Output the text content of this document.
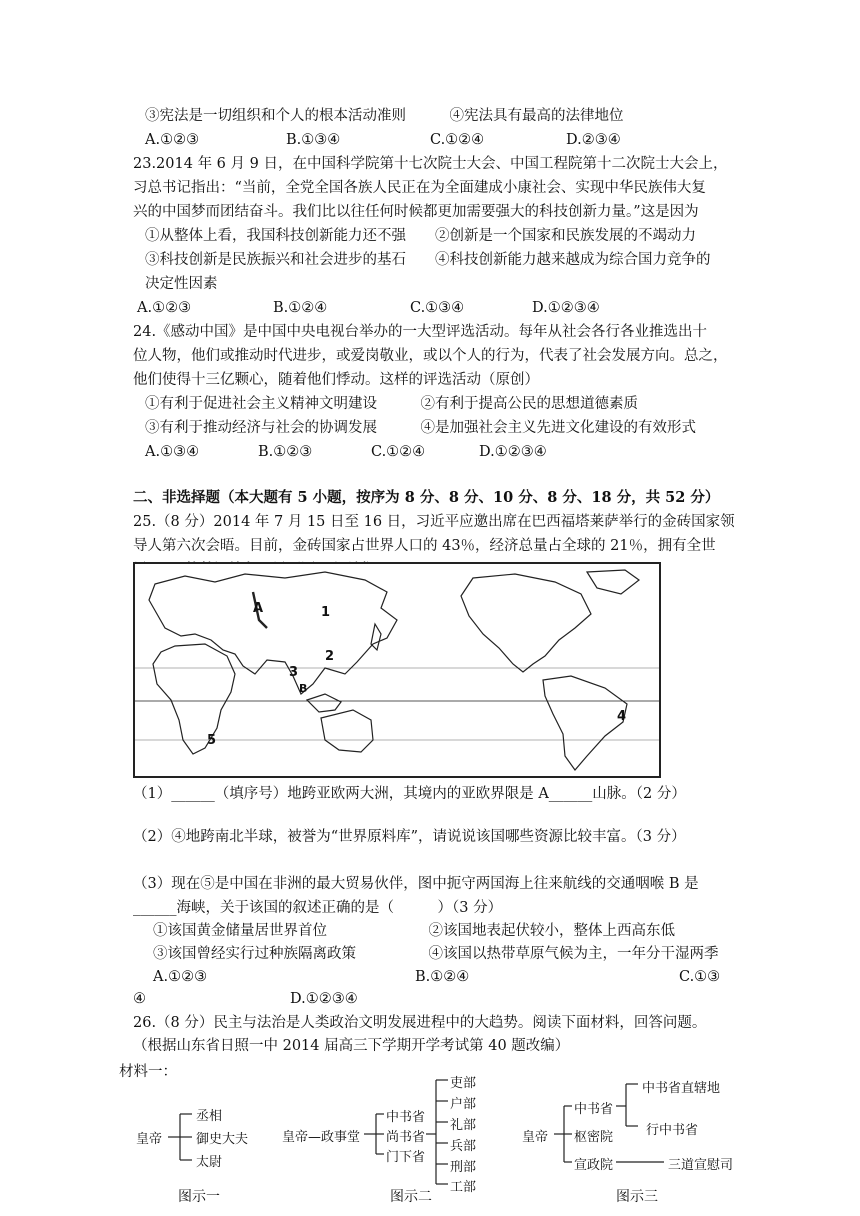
③宪法是一切组织和个人的根本活动准则　　　④宪法具有最高的法律地位
A.①②③	B.①③④	C.①②④	D.②③④
23.2014 年 6 月 9 日，在中国科学院第十七次院士大会、中国工程院第十二次院士大会上，
习总书记指出：“当前，全党全国各族人民正在为全面建成小康社会、实现中华民族伟大复
兴的中国梦而团结奋斗。我们比以往任何时候都更加需要强大的科技创新力量。”这是因为
①从整体上看，我国科技创新能力还不强　　②创新是一个国家和民族发展的不竭动力
③科技创新是民族振兴和社会进步的基石　　④科技创新能力越来越成为综合国力竞争的
决定性因素
A.①②③	B.①②④	C.①③④	D.①②③④
24.《感动中国》是中国中央电视台举办的一大型评选活动。每年从社会各行各业推选出十
位人物，他们或推动时代进步，或爱岗敬业，或以个人的行为，代表了社会发展方向。总之，
他们使得十三亿颗心，随着他们悸动。这样的评选活动（原创）
①有利于促进社会主义精神文明建设　　　②有利于提高公民的思想道德素质
③有利于推动经济与社会的协调发展　　　④是加强社会主义先进文化建设的有效形式
A.①③④	B.①②③	C.①②④	D.①②③④
二、非选择题（本大题有 5 小题，按序为 8 分、8 分、10 分、8 分、18 分，共 52 分）
25.（8 分）2014 年 7 月 15 日至 16 日，习近平应邀出席在巴西福塔莱萨举行的金砖国家领
导人第六次会晤。目前，金砖国家占世界人口的 43％，经济总量占全球的 21％，拥有全世
A	1
2
3
B
4
5
（1）______（填序号）地跨亚欧两大洲，其境内的亚欧界限是 A______山脉。（2 分）
（2）④地跨南北半球，被誉为“世界原料库”，请说说该国哪些资源比较丰富。（3 分）
（3）现在⑤是中国在非洲的最大贸易伙伴，图中扼守两国海上往来航线的交通咽喉 B 是
______海峡，关于该国的叙述正确的是（　　　）（3 分）
①该国黄金储量居世界首位　　　　　　　②该国地表起伏较小，整体上西高东低
③该国曾经实行过种族隔离政策　　　　　④该国以热带草原气候为主，一年分干湿两季
A.①②③	B.①②④	C.①③
④	D.①②③④
26.（8 分）民主与法治是人类政治文明发展进程中的大趋势。阅读下面材料，回答问题。
（根据山东省日照一中 2014 届高三下学期开学考试第 40 题改编）
材料一：
皇帝
丞相
御史大夫
太尉
图示一
皇帝—政事堂
中书省
尚书省
门下省
吏部
户部
礼部
兵部
刑部
工部
图示二
皇帝
中书省
枢密院
宣政院
中书省直辖地
行中书省
三道宣慰司
图示三
